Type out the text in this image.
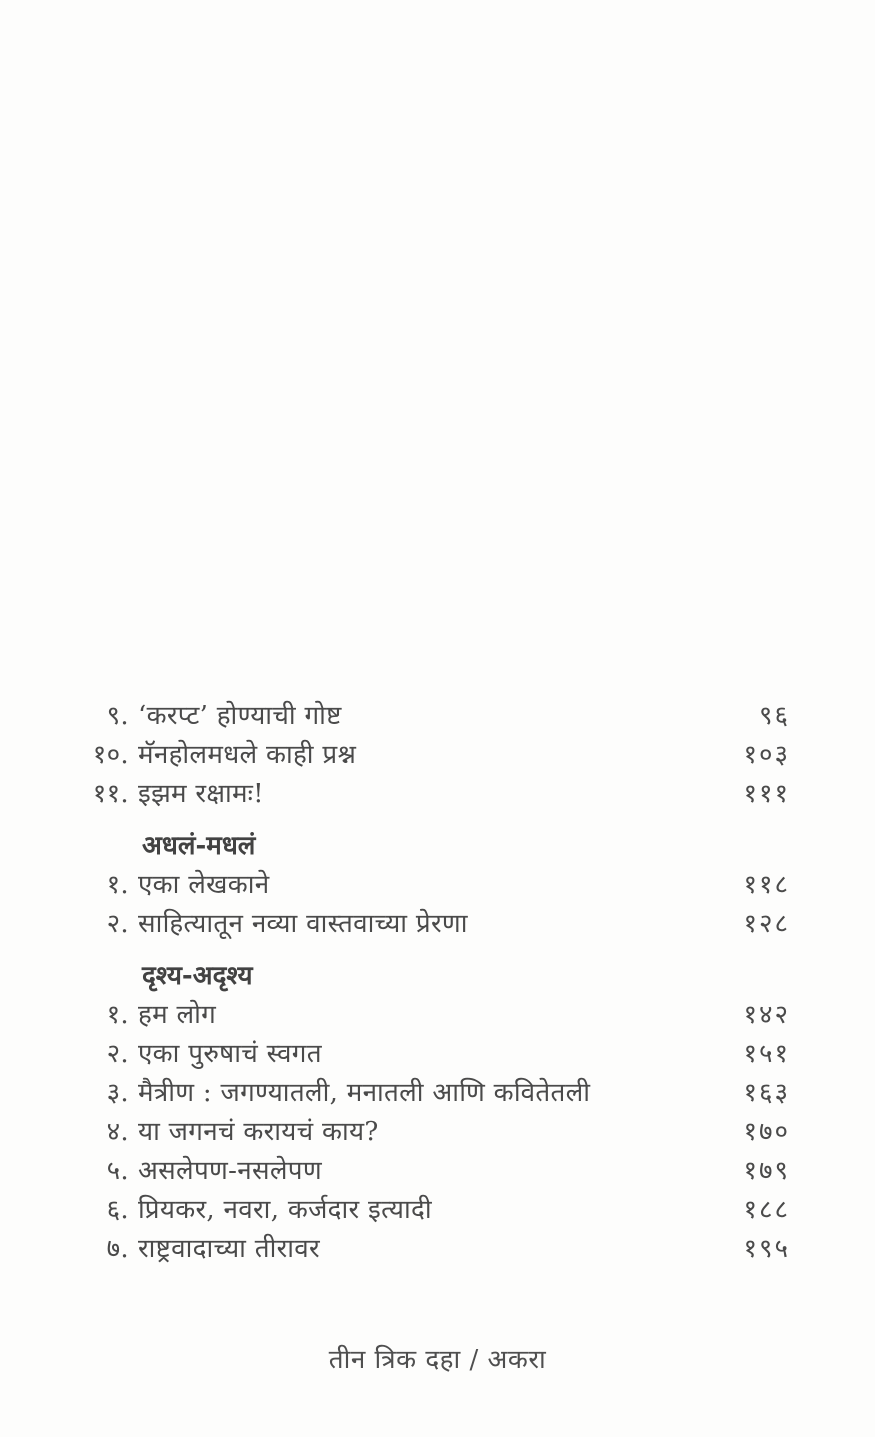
९. ‘करप्ट’ होण्याची गोष्ट	९६
१०. मॅनहोलमधले काही प्रश्न	१०३
११. इझम रक्षामः!	१११
अधलं-मधलं
१. एका लेखकाने	११८
२. साहित्यातून नव्या वास्तवाच्या प्रेरणा	१२८
दृश्य-अदृश्य
१. हम लोग	१४२
२. एका पुरुषाचं स्वगत	१५१
३. मैत्रीण : जगण्यातली, मनातली आणि कवितेतली	१६३
४. या जगनचं करायचं काय?	१७०
५. असलेपण-नसलेपण	१७९
६. प्रियकर, नवरा, कर्जदार इत्यादी	१८८
७. राष्ट्रवादाच्या तीरावर	१९५
तीन त्रिक दहा / अकरा
